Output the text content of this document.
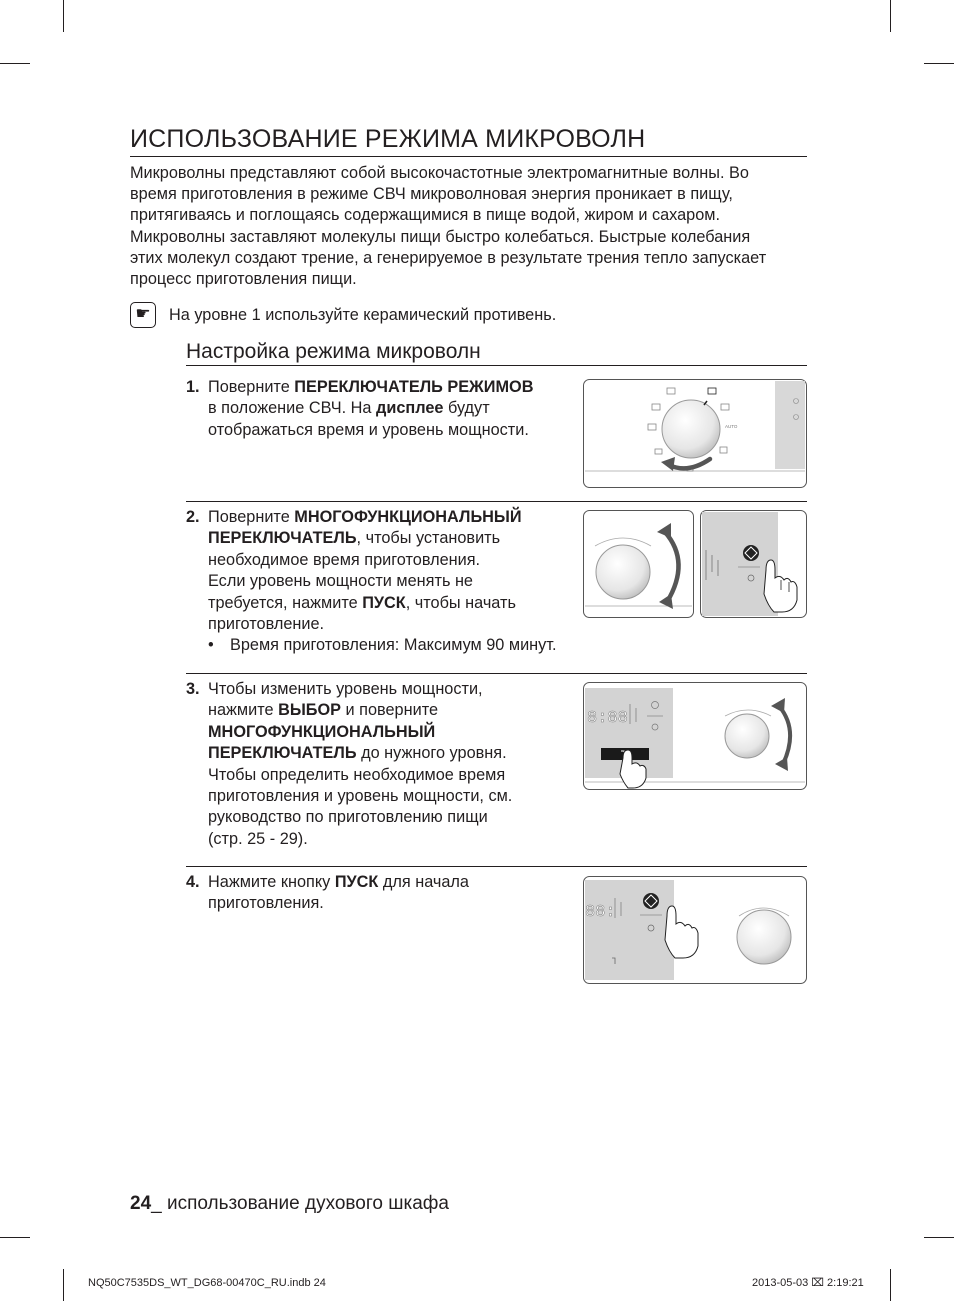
ИСПОЛЬЗОВАНИЕ РЕЖИМА МИКРОВОЛН
Микроволны представляют собой высокочастотные электромагнитные волны. Во
время приготовления в режиме СВЧ микроволновая энергия проникает в пищу,
притягиваясь и поглощаясь содержащимися в пище водой, жиром и сахаром.
Микроволны заставляют молекулы пищи быстро колебаться. Быстрые колебания
этих молекул создают трение, а генерируемое в результате трения тепло запускает
процесс приготовления пищи.
☛	На уровне 1 используйте керамический противень.
Настройка режима микроволн
1. Поверните ПЕРЕКЛЮЧАТЕЛЬ РЕЖИМОВ
в положение СВЧ. На дисплее будут
отображаться время и уровень мощности.	AUTO
2. Поверните МНОГОФУНКЦИОНАЛЬНЫЙ
ПЕРЕКЛЮЧАТЕЛЬ, чтобы установить
необходимое время приготовления.
Если уровень мощности менять не
требуется, нажмите ПУСК, чтобы начать
приготовление.
• Время приготовления: Максимум 90 минут.
3. Чтобы изменить уровень мощности,
нажмите ВЫБОР и поверните
МНОГОФУНКЦИОНАЛЬНЫЙ
ПЕРЕКЛЮЧАТЕЛЬ до нужного уровня.
Чтобы определить необходимое время
приготовления и уровень мощности, см.
руководство по приготовлению пищи
(стр. 25 - 29).
8:88
4. Нажмите кнопку ПУСК для начала
приготовления.	88:
24_ использование духового шкафа
NQ50C7535DS_WT_DG68-00470C_RU.indb 24	2013-05-03 ⌧ 2:19:21
